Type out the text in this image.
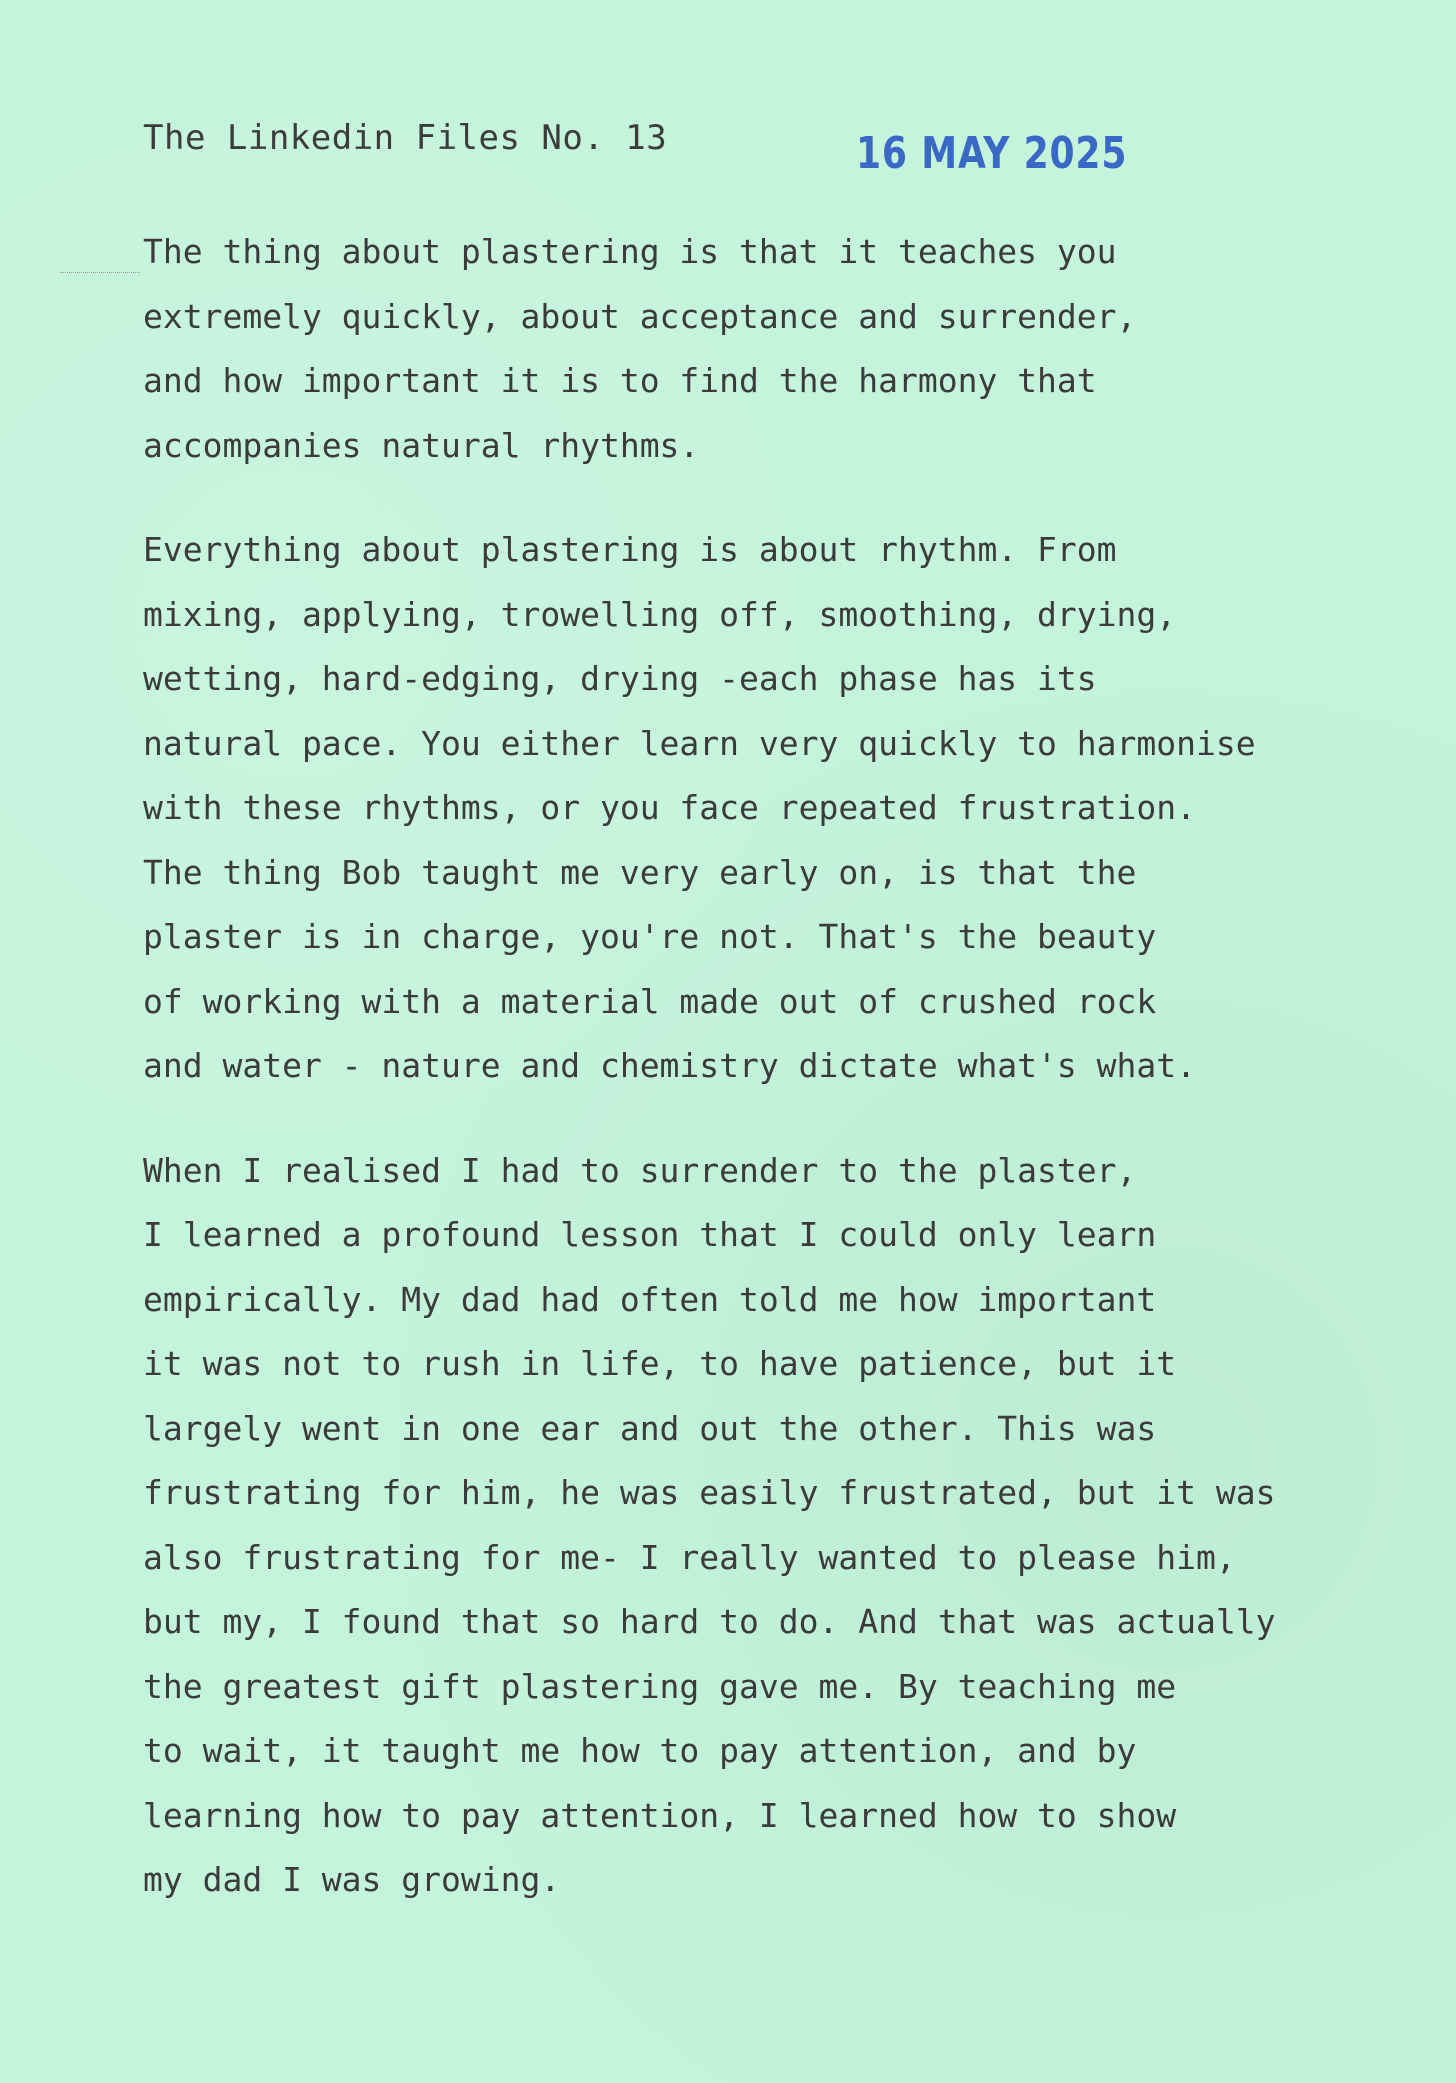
The Linkedin Files No. 13	16 MAY 2025

The thing about plastering is that it teaches you
extremely quickly, about acceptance and surrender,
and how important it is to find the harmony that
accompanies natural rhythms.

Everything about plastering is about rhythm. From
mixing, applying, trowelling off, smoothing, drying,
wetting, hard-edging, drying -each phase has its
natural pace. You either learn very quickly to harmonise
with these rhythms, or you face repeated frustration.
The thing Bob taught me very early on, is that the
plaster is in charge, you're not. That's the beauty
of working with a material made out of crushed rock
and water - nature and chemistry dictate what's what.

When I realised I had to surrender to the plaster,
I learned a profound lesson that I could only learn
empirically. My dad had often told me how important
it was not to rush in life, to have patience, but it
largely went in one ear and out the other. This was
frustrating for him, he was easily frustrated, but it was
also frustrating for me- I really wanted to please him,
but my, I found that so hard to do. And that was actually
the greatest gift plastering gave me. By teaching me
to wait, it taught me how to pay attention, and by
learning how to pay attention, I learned how to show
my dad I was growing.
